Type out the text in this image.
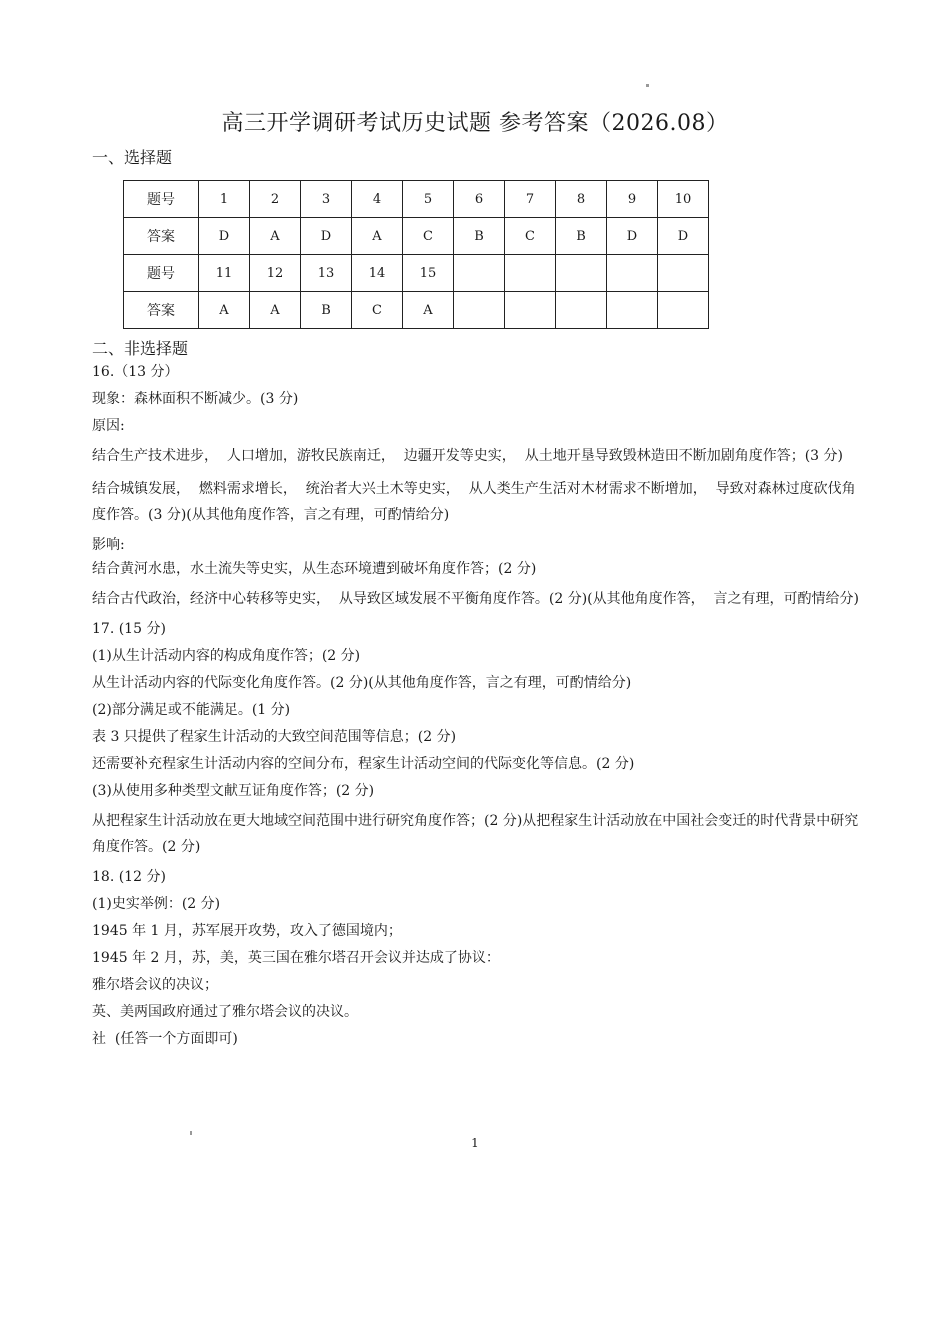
高三开学调研考试历史试题 参考答案（2026.08）
一、选择题
题号	1	2	3	4	5	6	7	8	9	10
答案	D	A	D	A	C	B	C	B	D	D
题号	11	12	13	14	15					
答案	A	A	B	C	A					
二、非选择题
16.（13 分）
现象：森林面积不断减少。(3 分)
原因:
结合生产技术进步，  人口增加，游牧民族南迁，  边疆开发等史实，  从土地开垦导致毁林造田不断加剧角度作答；(3 分)
结合城镇发展，  燃料需求增长，  统治者大兴土木等史实，  从人类生产生活对木材需求不断增加，  导致对森林过度砍伐角度作答。(3 分)(从其他角度作答，言之有理，可酌情给分)
影响:
结合黄河水患，水土流失等史实，从生态环境遭到破坏角度作答；(2 分)
结合古代政治，经济中心转移等史实，  从导致区域发展不平衡角度作答。(2 分)(从其他角度作答，  言之有理，可酌情给分)
17. (15 分)
(1)从生计活动内容的构成角度作答；(2 分)
从生计活动内容的代际变化角度作答。(2 分)(从其他角度作答，言之有理，可酌情给分)
(2)部分满足或不能满足。(1 分)
表 3 只提供了程家生计活动的大致空间范围等信息；(2 分)
还需要补充程家生计活动内容的空间分布，程家生计活动空间的代际变化等信息。(2 分)
(3)从使用多种类型文献互证角度作答；(2 分)
从把程家生计活动放在更大地域空间范围中进行研究角度作答；(2 分)从把程家生计活动放在中国社会变迁的时代背景中研究角度作答。(2 分)
18. (12 分)
(1)史实举例：(2 分)
1945 年 1 月，苏军展开攻势，攻入了德国境内；
1945 年 2 月，苏，美，英三国在雅尔塔召开会议并达成了协议：
雅尔塔会议的决议；
英、美两国政府通过了雅尔塔会议的决议。
社  (任答一个方面即可)
1
